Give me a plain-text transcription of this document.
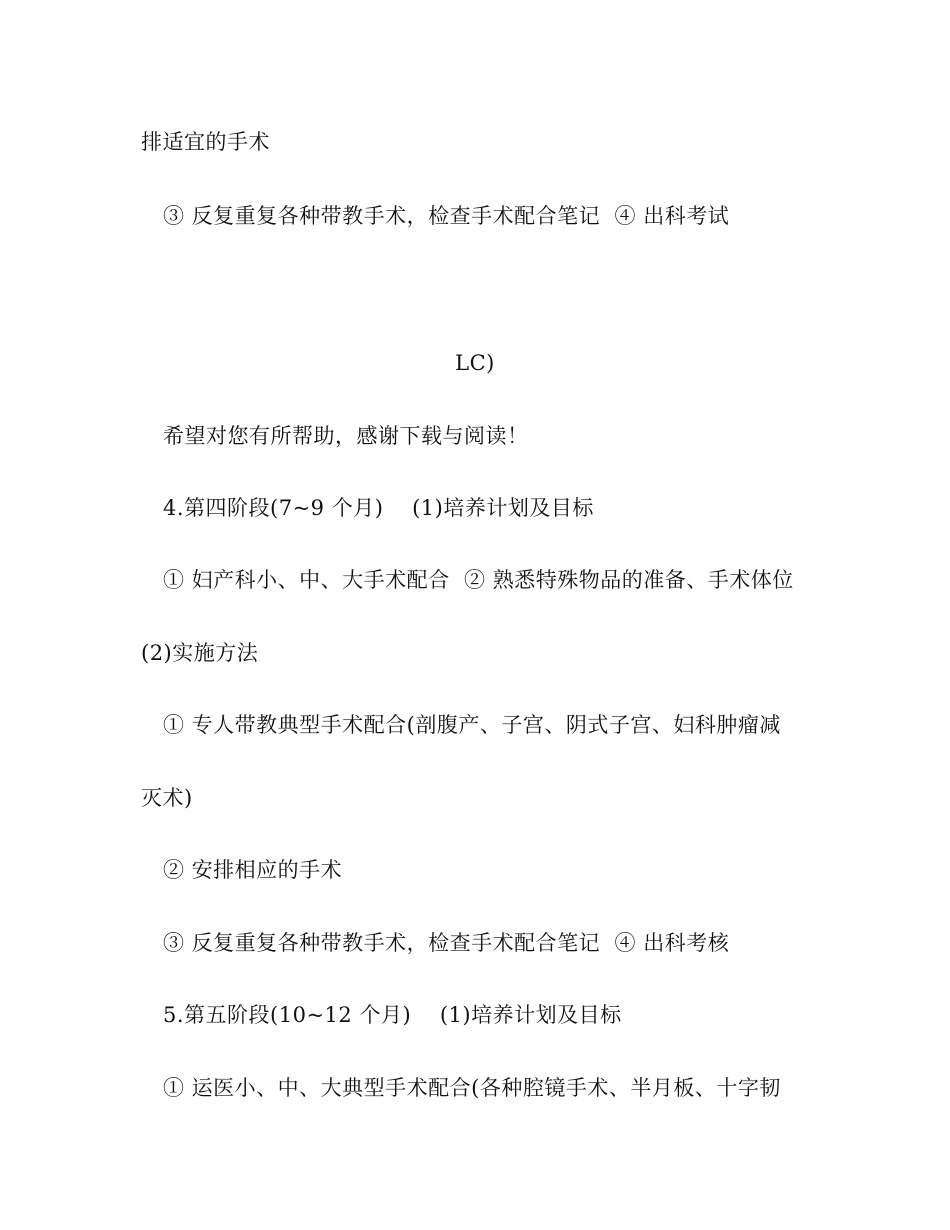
排适宜的手术
③ 反复重复各种带教手术，检查手术配合笔记  ④ 出科考试
LC)
希望对您有所帮助，感谢下载与阅读！
4.第四阶段(7~9 个月)    (1)培养计划及目标
① 妇产科小、中、大手术配合  ② 熟悉特殊物品的准备、手术体位
(2)实施方法
① 专人带教典型手术配合(剖腹产、子宫、阴式子宫、妇科肿瘤减
灭术)
② 安排相应的手术
③ 反复重复各种带教手术，检查手术配合笔记  ④ 出科考核
5.第五阶段(10~12 个月)    (1)培养计划及目标
① 运医小、中、大典型手术配合(各种腔镜手术、半月板、十字韧
